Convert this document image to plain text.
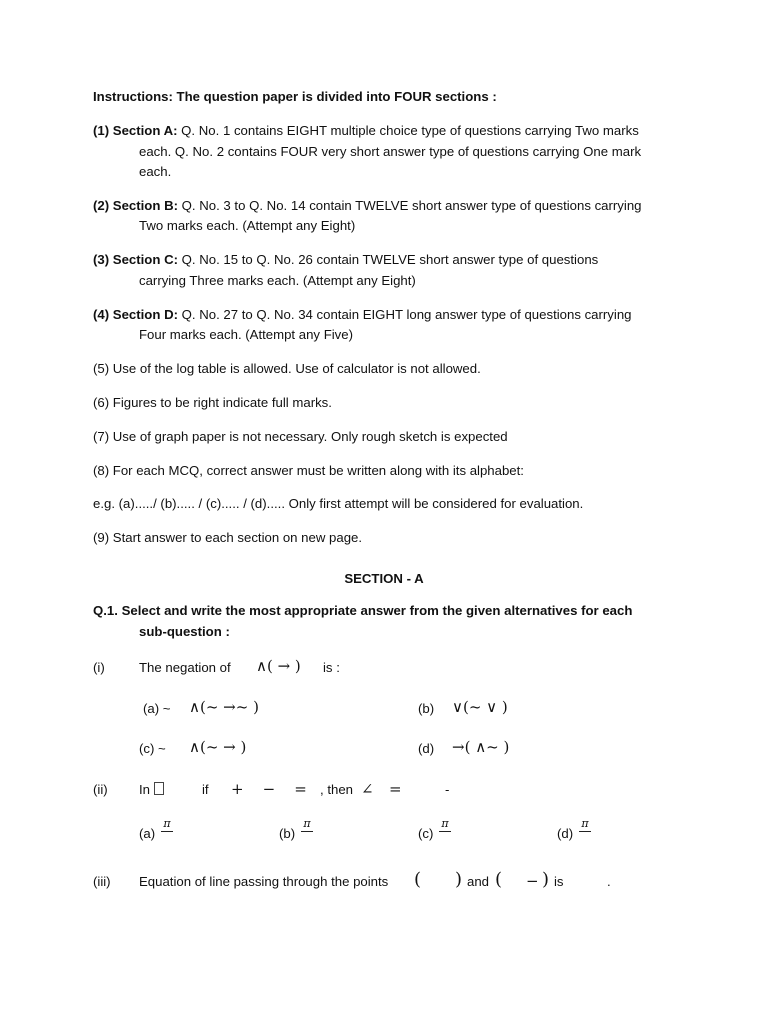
Instructions: The question paper is divided into FOUR sections :
(1) Section A: Q. No. 1 contains EIGHT multiple choice type of questions carrying Two marks
each. Q. No. 2 contains FOUR very short answer type of questions carrying One mark
each.
(2) Section B: Q. No. 3 to Q. No. 14 contain TWELVE short answer type of questions carrying
Two marks each. (Attempt any Eight)
(3) Section C: Q. No. 15 to Q. No. 26 contain TWELVE short answer type of questions
carrying Three marks each. (Attempt any Eight)
(4) Section D: Q. No. 27 to Q. No. 34 contain EIGHT long answer type of questions carrying
Four marks each. (Attempt any Five)
(5) Use of the log table is allowed. Use of calculator is not allowed.
(6) Figures to be right indicate full marks.
(7) Use of graph paper is not necessary. Only rough sketch is expected
(8) For each MCQ, correct answer must be written along with its alphabet:
e.g. (a)...../ (b)..... / (c)..... / (d)..... Only first attempt will be considered for evaluation.
(9) Start answer to each section on new page.
SECTION - A
Q.1. Select and write the most appropriate answer from the given alternatives for each
sub-question :
(i)	The negation of ∧( → ) is :
(a) ~ ∧(~ →~ )	(b) ∨(~ ∨ )
(c) ~ ∧(~ → )	(d) →( ∧~ )
(ii) In	if +    −    = , then ∠ =	-
(a)
π
(b)
π
(c)
π
(d)
π
(iii) Equation of line passing through the points ( ) and ( − ) is	.
